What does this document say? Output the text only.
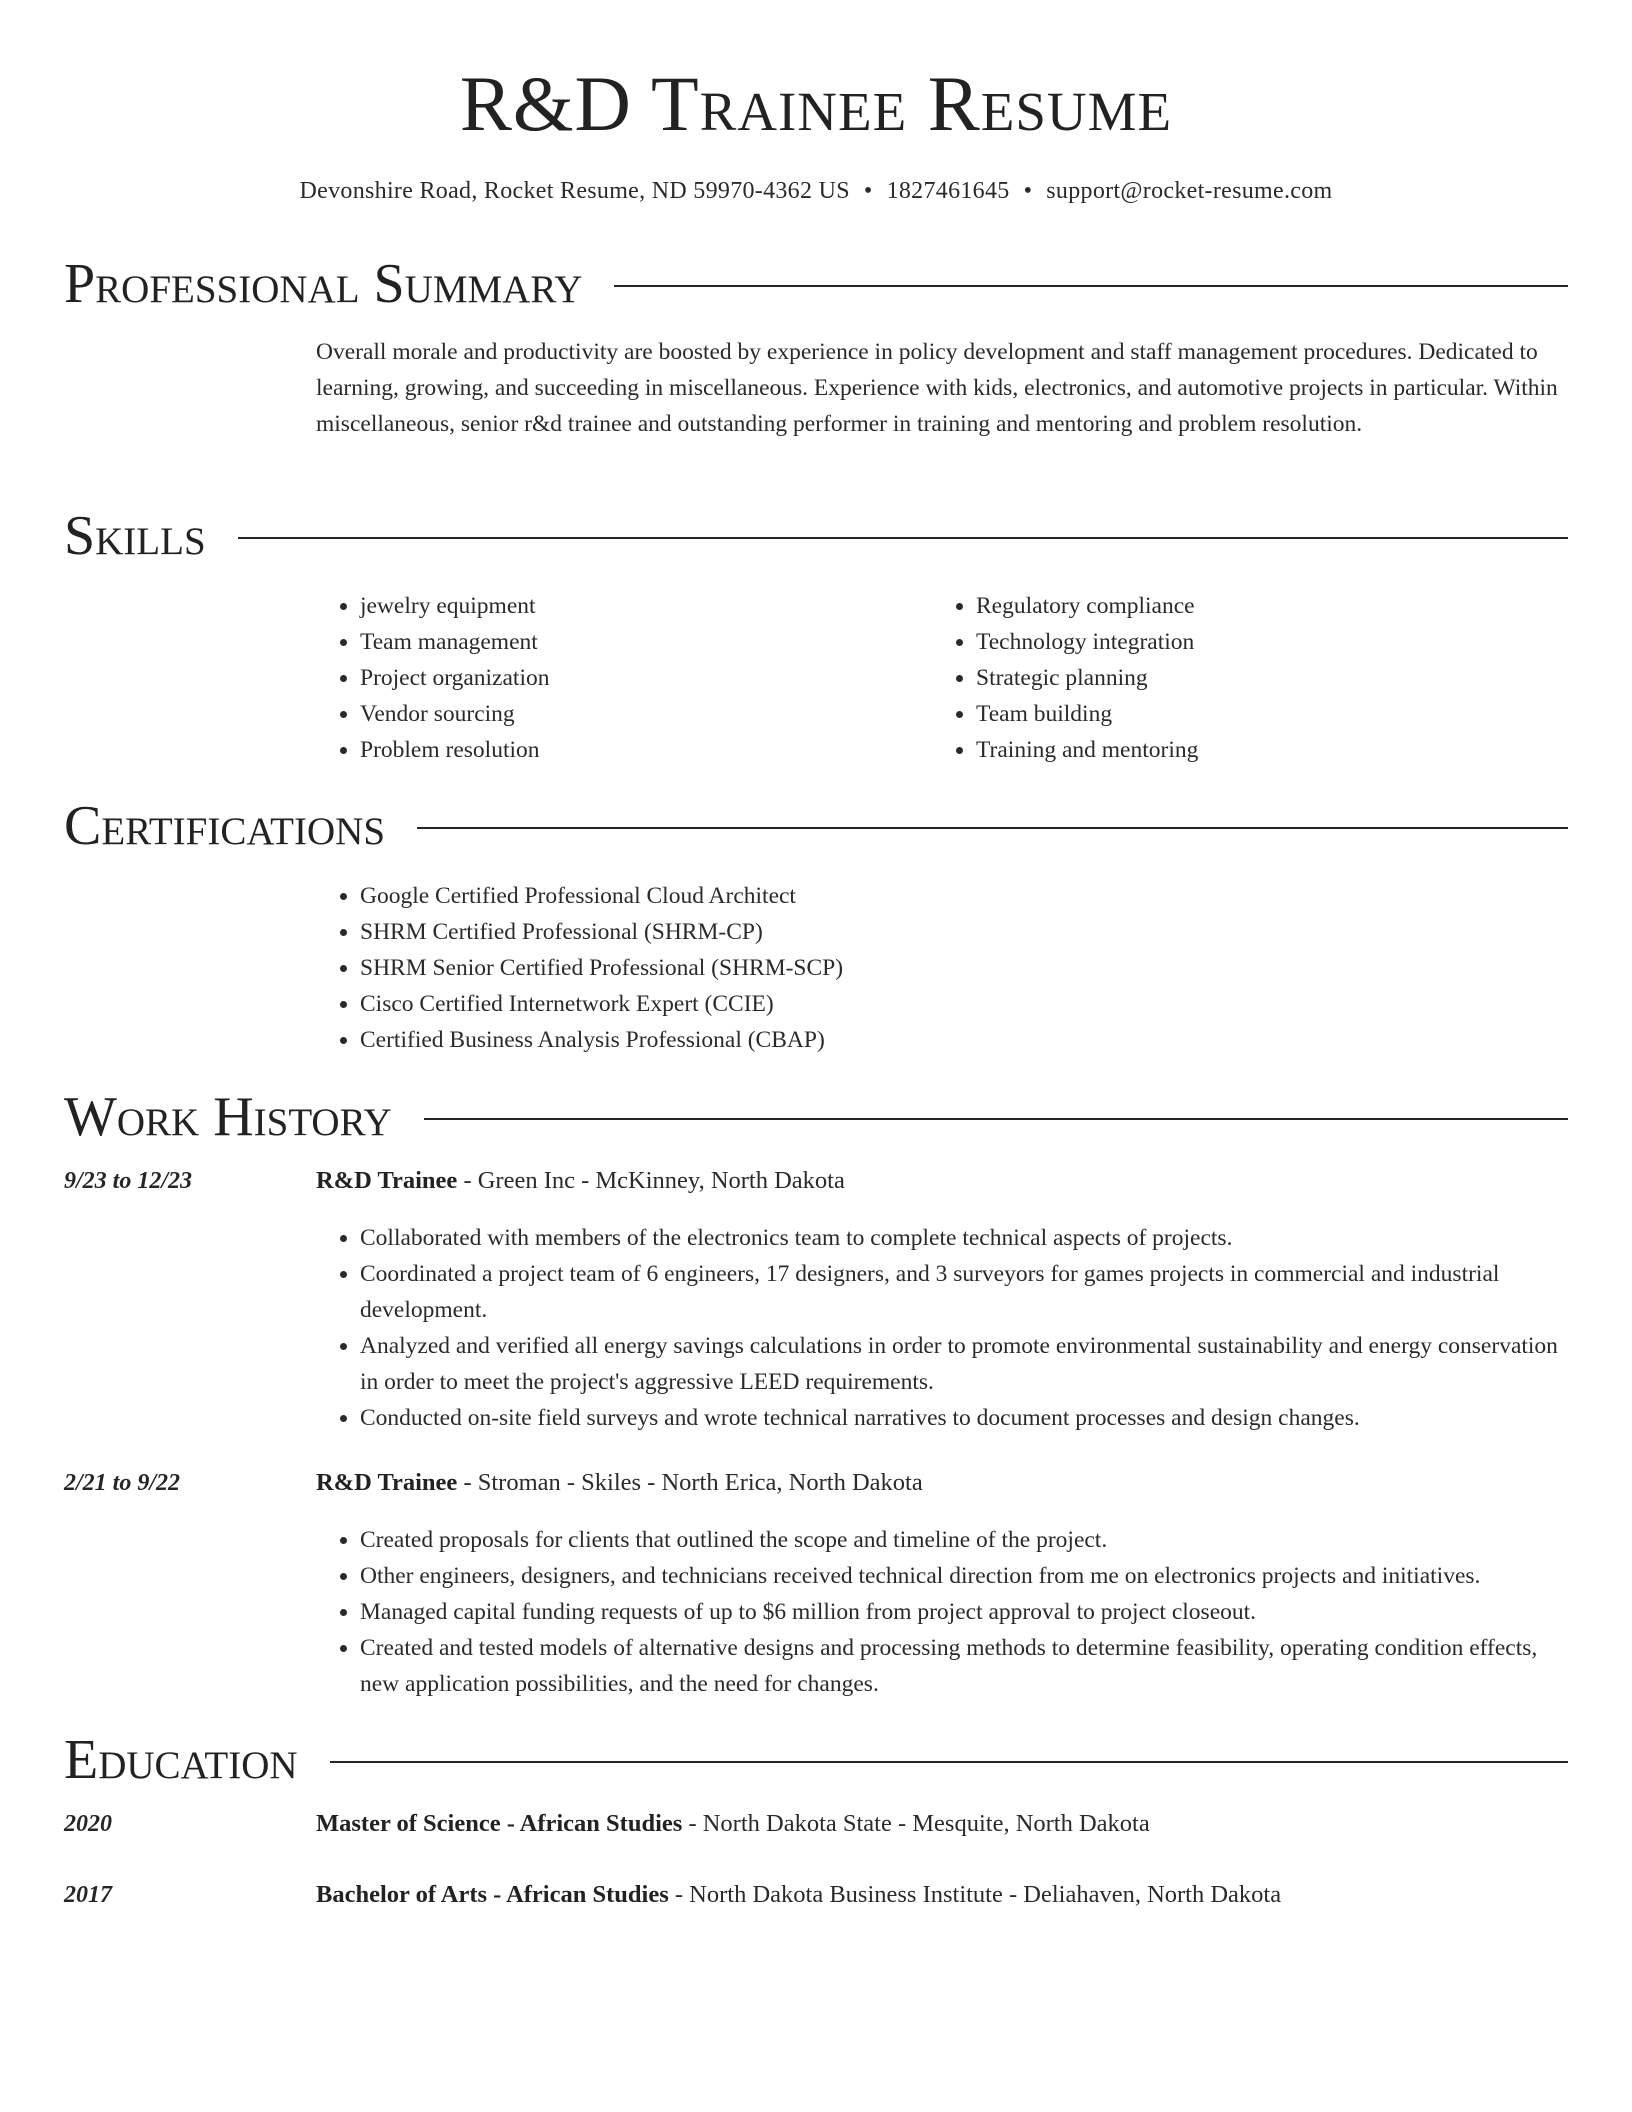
R&D Trainee Resume
Devonshire Road, Rocket Resume, ND 59970-4362 US • 1827461645 • support@rocket-resume.com
Professional Summary
Overall morale and productivity are boosted by experience in policy development and staff management procedures. Dedicated to learning, growing, and succeeding in miscellaneous. Experience with kids, electronics, and automotive projects in particular. Within miscellaneous, senior r&d trainee and outstanding performer in training and mentoring and problem resolution.
Skills
• jewelry equipment
• Team management
• Project organization
• Vendor sourcing
• Problem resolution
• Regulatory compliance
• Technology integration
• Strategic planning
• Team building
• Training and mentoring
Certifications
• Google Certified Professional Cloud Architect
• SHRM Certified Professional (SHRM-CP)
• SHRM Senior Certified Professional (SHRM-SCP)
• Cisco Certified Internetwork Expert (CCIE)
• Certified Business Analysis Professional (CBAP)
Work History
9/23 to 12/23	R&D Trainee - Green Inc - McKinney, North Dakota
• Collaborated with members of the electronics team to complete technical aspects of projects.
• Coordinated a project team of 6 engineers, 17 designers, and 3 surveyors for games projects in commercial and industrial development.
• Analyzed and verified all energy savings calculations in order to promote environmental sustainability and energy conservation in order to meet the project's aggressive LEED requirements.
• Conducted on-site field surveys and wrote technical narratives to document processes and design changes.
2/21 to 9/22	R&D Trainee - Stroman - Skiles - North Erica, North Dakota
• Created proposals for clients that outlined the scope and timeline of the project.
• Other engineers, designers, and technicians received technical direction from me on electronics projects and initiatives.
• Managed capital funding requests of up to $6 million from project approval to project closeout.
• Created and tested models of alternative designs and processing methods to determine feasibility, operating condition effects, new application possibilities, and the need for changes.
Education
2020	Master of Science - African Studies - North Dakota State - Mesquite, North Dakota
2017	Bachelor of Arts - African Studies - North Dakota Business Institute - Deliahaven, North Dakota
